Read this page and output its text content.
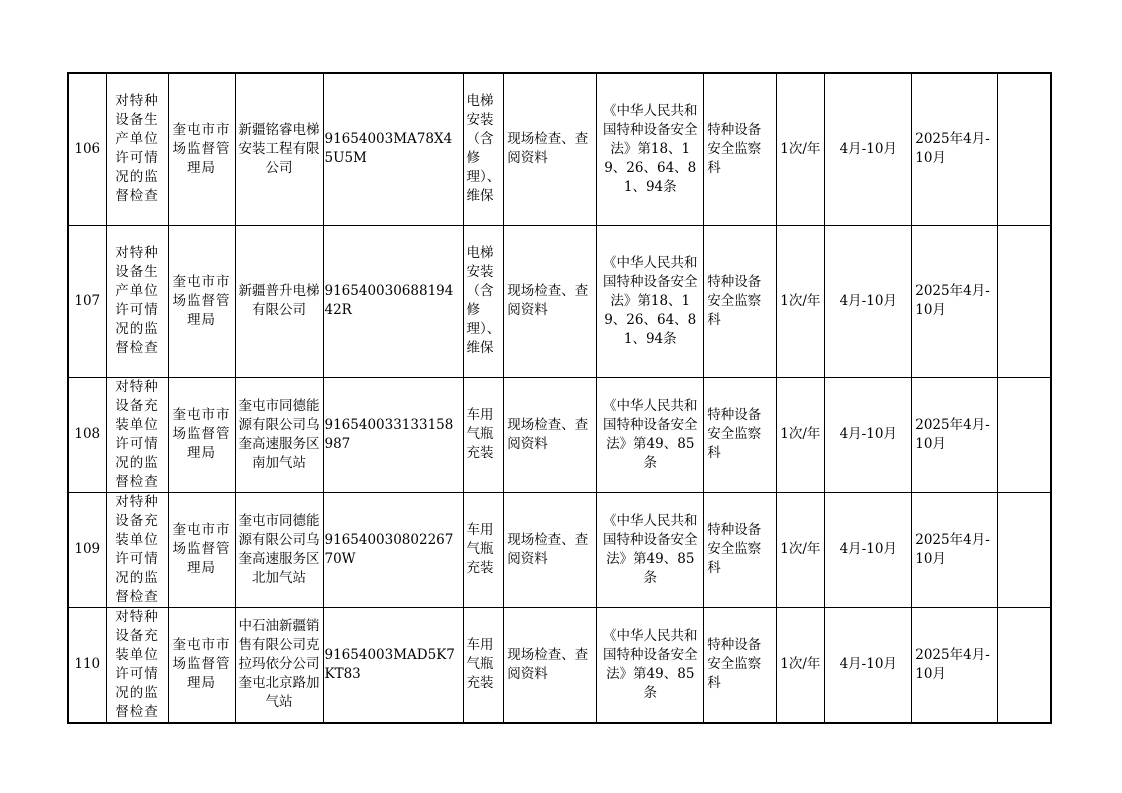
106	对特种设备生产单位许可情况的监督检查	奎屯市市场监督管理局	新疆铭睿电梯安装工程有限公司	91654003MA78X45U5M	电梯安装（含修理）、维保	现场检查、查阅资料	《中华人民共和国特种设备安全法》第18、19、26、64、81、94条	特种设备安全监察科	1次/年	4月-10月	2025年4月-10月	
107	对特种设备生产单位许可情况的监督检查	奎屯市市场监督管理局	新疆普升电梯有限公司	91654003068819442R	电梯安装（含修理）、维保	现场检查、查阅资料	《中华人民共和国特种设备安全法》第18、19、26、64、81、94条	特种设备安全监察科	1次/年	4月-10月	2025年4月-10月	
108	对特种设备充装单位许可情况的监督检查	奎屯市市场监督管理局	奎屯市同德能源有限公司乌奎高速服务区南加气站	916540033133158987	车用气瓶充装	现场检查、查阅资料	《中华人民共和国特种设备安全法》第49、85条	特种设备安全监察科	1次/年	4月-10月	2025年4月-10月	
109	对特种设备充装单位许可情况的监督检查	奎屯市市场监督管理局	奎屯市同德能源有限公司乌奎高速服务区北加气站	91654003080226770W	车用气瓶充装	现场检查、查阅资料	《中华人民共和国特种设备安全法》第49、85条	特种设备安全监察科	1次/年	4月-10月	2025年4月-10月	
110	对特种设备充装单位许可情况的监督检查	奎屯市市场监督管理局	中石油新疆销售有限公司克拉玛依分公司奎屯北京路加气站	91654003MAD5K7KT83	车用气瓶充装	现场检查、查阅资料	《中华人民共和国特种设备安全法》第49、85条	特种设备安全监察科	1次/年	4月-10月	2025年4月-10月	
